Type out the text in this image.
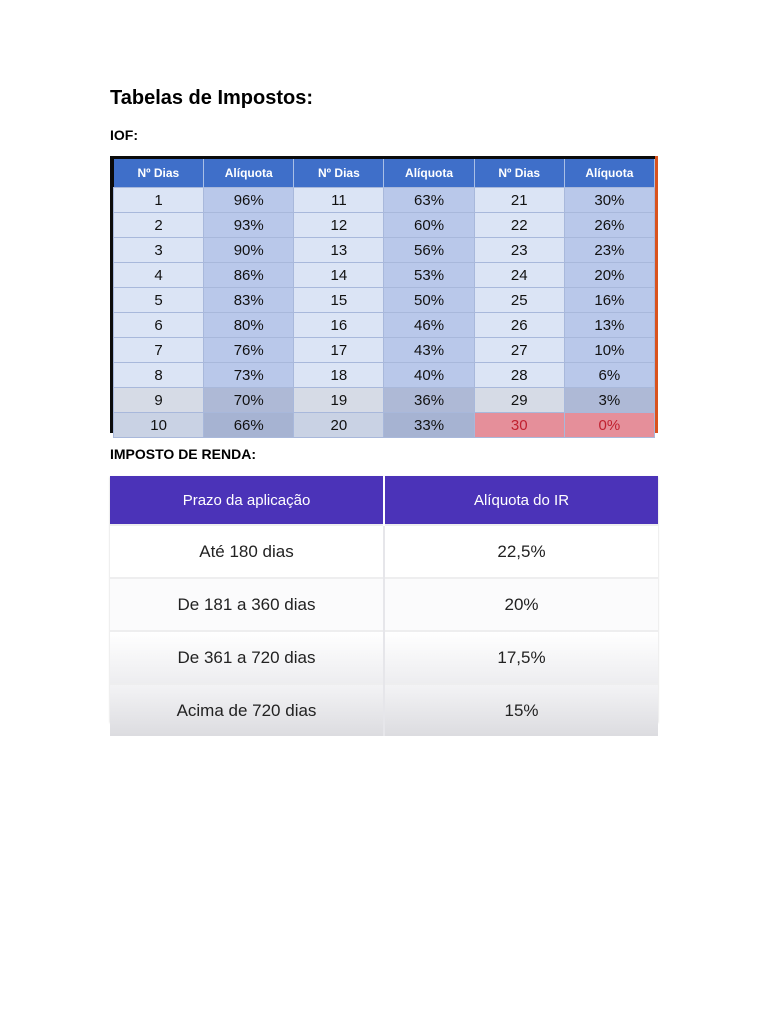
Tabelas de Impostos:

IOF:

Nº Dias	Alíquota	Nº Dias	Alíquota	Nº Dias	Alíquota
1	96%	11	63%	21	30%
2	93%	12	60%	22	26%
3	90%	13	56%	23	23%
4	86%	14	53%	24	20%
5	83%	15	50%	25	16%
6	80%	16	46%	26	13%
7	76%	17	43%	27	10%
8	73%	18	40%	28	6%
9	70%	19	36%	29	3%
10	66%	20	33%	30	0%

IMPOSTO DE RENDA:

Prazo da aplicação	Alíquota do IR
Até 180 dias	22,5%
De 181 a 360 dias	20%
De 361 a 720 dias	17,5%
Acima de 720 dias	15%
